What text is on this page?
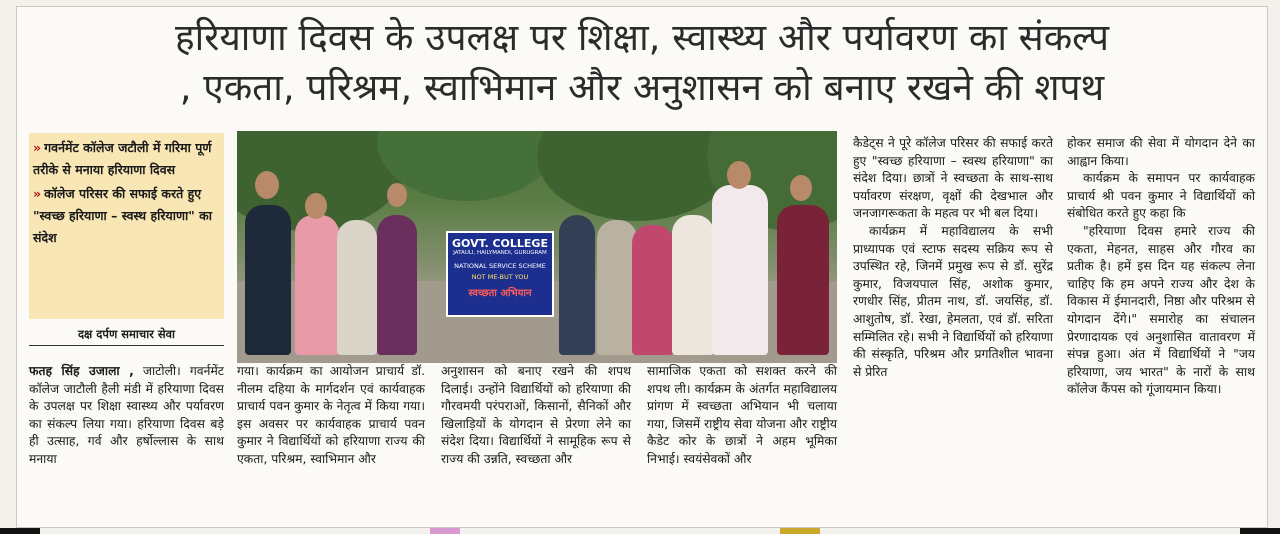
हरियाणा दिवस के उपलक्ष पर शिक्षा, स्वास्थ्य और पर्यावरण का संकल्प
, एकता, परिश्रम, स्वाभिमान और अनुशासन को बनाए रखने की शपथ
» गवर्नमेंट कॉलेज जटौली में गरिमा पूर्ण तरीके से मनाया हरियाणा दिवस
» कॉलेज परिसर की सफाई करते हुए "स्वच्छ हरियाणा – स्वस्थ हरियाणा" का संदेश
दक्ष दर्पण समाचार सेवा
GOVT. COLLEGE
JATAULI, HAILYMANDI, GURUGRAM
NATIONAL SERVICE SCHEME
NOT ME-BUT YOU
स्वच्छता अभियान

फतह सिंह उजाला , जाटोली। गवर्नमेंट कॉलेज जाटौली हैली मंडी में हरियाणा दिवस के उपलक्ष पर शिक्षा स्वास्थ्य और पर्यावरण का संकल्प लिया गया। हरियाणा दिवस बड़े ही उत्साह, गर्व और हर्षोल्लास के साथ मनाया

गया। कार्यक्रम का आयोजन प्राचार्य डॉ. नीलम दहिया के मार्गदर्शन एवं कार्यवाहक प्राचार्य पवन कुमार के नेतृत्व में किया गया। इस अवसर पर कार्यवाहक प्राचार्य पवन कुमार ने विद्यार्थियों को हरियाणा राज्य की एकता, परिश्रम, स्वाभिमान और

अनुशासन को बनाए रखने की शपथ दिलाई। उन्होंने विद्यार्थियों को हरियाणा की गौरवमयी परंपराओं, किसानों, सैनिकों और खिलाड़ियों के योगदान से प्रेरणा लेने का संदेश दिया। विद्यार्थियों ने सामूहिक रूप से राज्य की उन्नति, स्वच्छता और

सामाजिक एकता को सशक्त करने की शपथ ली। कार्यक्रम के अंतर्गत महाविद्यालय प्रांगण में स्वच्छता अभियान भी चलाया गया, जिसमें राष्ट्रीय सेवा योजना और राष्ट्रीय कैडेट कोर के छात्रों ने अहम भूमिका निभाई। स्वयंसेवकों और

कैडेट्स ने पूरे कॉलेज परिसर की सफाई करते हुए "स्वच्छ हरियाणा – स्वस्थ हरियाणा" का संदेश दिया। छात्रों ने स्वच्छता के साथ-साथ पर्यावरण संरक्षण, वृक्षों की देखभाल और जनजागरूकता के महत्व पर भी बल दिया।

कार्यक्रम में महाविद्यालय के सभी प्राध्यापक एवं स्टाफ सदस्य सक्रिय रूप से उपस्थित रहे, जिनमें प्रमुख रूप से डॉ. सुरेंद्र कुमार, विजयपाल सिंह, अशोक कुमार, रणधीर सिंह, प्रीतम नाथ, डॉ. जयसिंह, डॉ. आशुतोष, डॉ. रेखा, हेमलता, एवं डॉ. सरिता सम्मिलित रहे। सभी ने विद्यार्थियों को हरियाणा की संस्कृति, परिश्रम और प्रगतिशील भावना से प्रेरित

होकर समाज की सेवा में योगदान देने का आह्वान किया।

कार्यक्रम के समापन पर कार्यवाहक प्राचार्य श्री पवन कुमार ने विद्यार्थियों को संबोधित करते हुए कहा कि

"हरियाणा दिवस हमारे राज्य की एकता, मेहनत, साहस और गौरव का प्रतीक है। हमें इस दिन यह संकल्प लेना चाहिए कि हम अपने राज्य और देश के विकास में ईमानदारी, निष्ठा और परिश्रम से योगदान देंगे।" समारोह का संचालन प्रेरणादायक एवं अनुशासित वातावरण में संपन्न हुआ। अंत में विद्यार्थियों ने "जय हरियाणा, जय भारत" के नारों के साथ कॉलेज कैंपस को गूंजायमान किया।
